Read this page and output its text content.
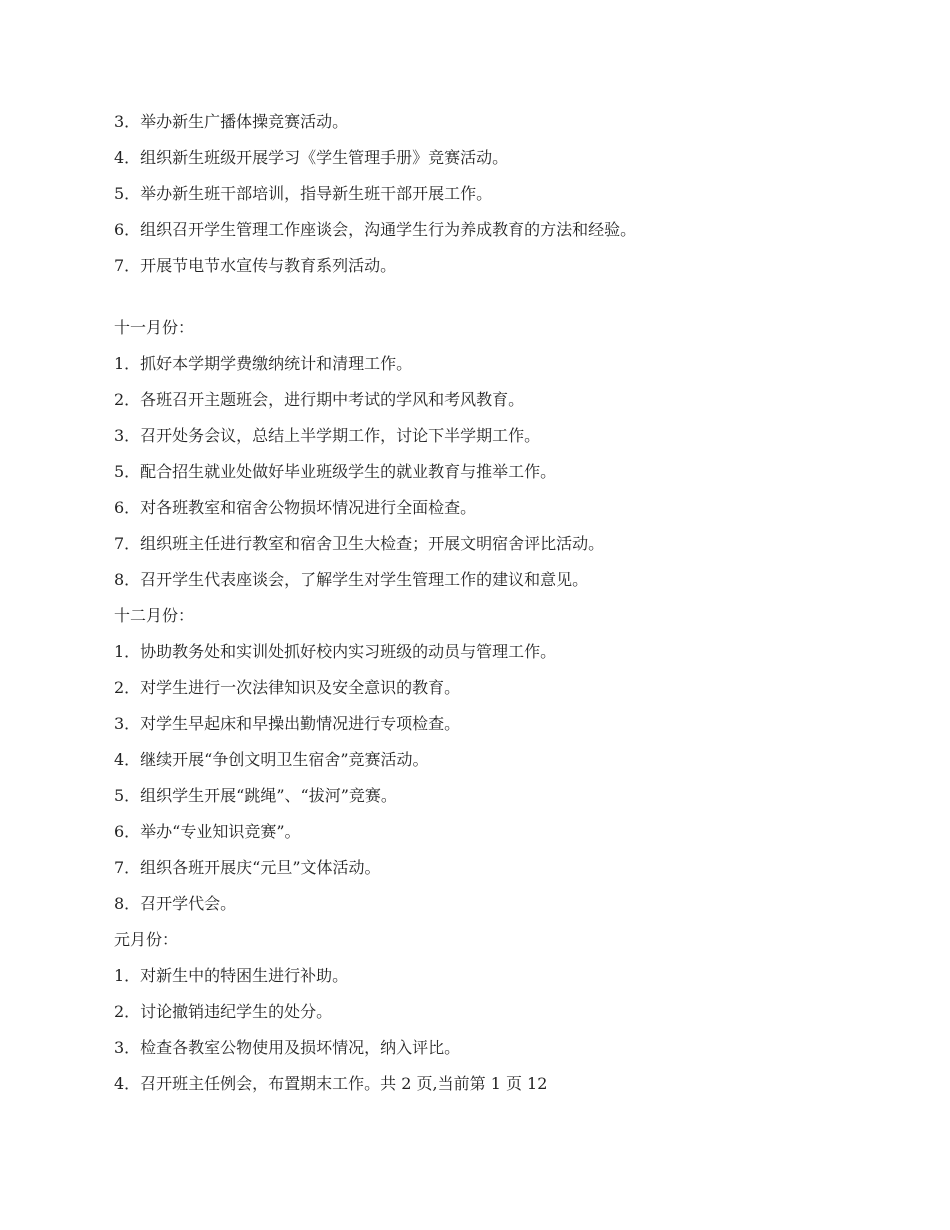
3．举办新生广播体操竞赛活动。
4．组织新生班级开展学习《学生管理手册》竞赛活动。
5．举办新生班干部培训，指导新生班干部开展工作。
6．组织召开学生管理工作座谈会，沟通学生行为养成教育的方法和经验。
7．开展节电节水宣传与教育系列活动。
十一月份：
1．抓好本学期学费缴纳统计和清理工作。
2．各班召开主题班会，进行期中考试的学风和考风教育。
3．召开处务会议，总结上半学期工作，讨论下半学期工作。
5．配合招生就业处做好毕业班级学生的就业教育与推举工作。
6．对各班教室和宿舍公物损坏情况进行全面检查。
7．组织班主任进行教室和宿舍卫生大检查；开展文明宿舍评比活动。
8．召开学生代表座谈会，了解学生对学生管理工作的建议和意见。
十二月份：
1．协助教务处和实训处抓好校内实习班级的动员与管理工作。
2．对学生进行一次法律知识及安全意识的教育。
3．对学生早起床和早操出勤情况进行专项检查。
4．继续开展“争创文明卫生宿舍”竞赛活动。
5．组织学生开展“跳绳”、“拔河”竞赛。
6．举办“专业知识竞赛”。
7．组织各班开展庆“元旦”文体活动。
8．召开学代会。
元月份：
1．对新生中的特困生进行补助。
2．讨论撤销违纪学生的处分。
3．检查各教室公物使用及损坏情况，纳入评比。
4．召开班主任例会，布置期末工作。共 2 页,当前第 1 页 12
